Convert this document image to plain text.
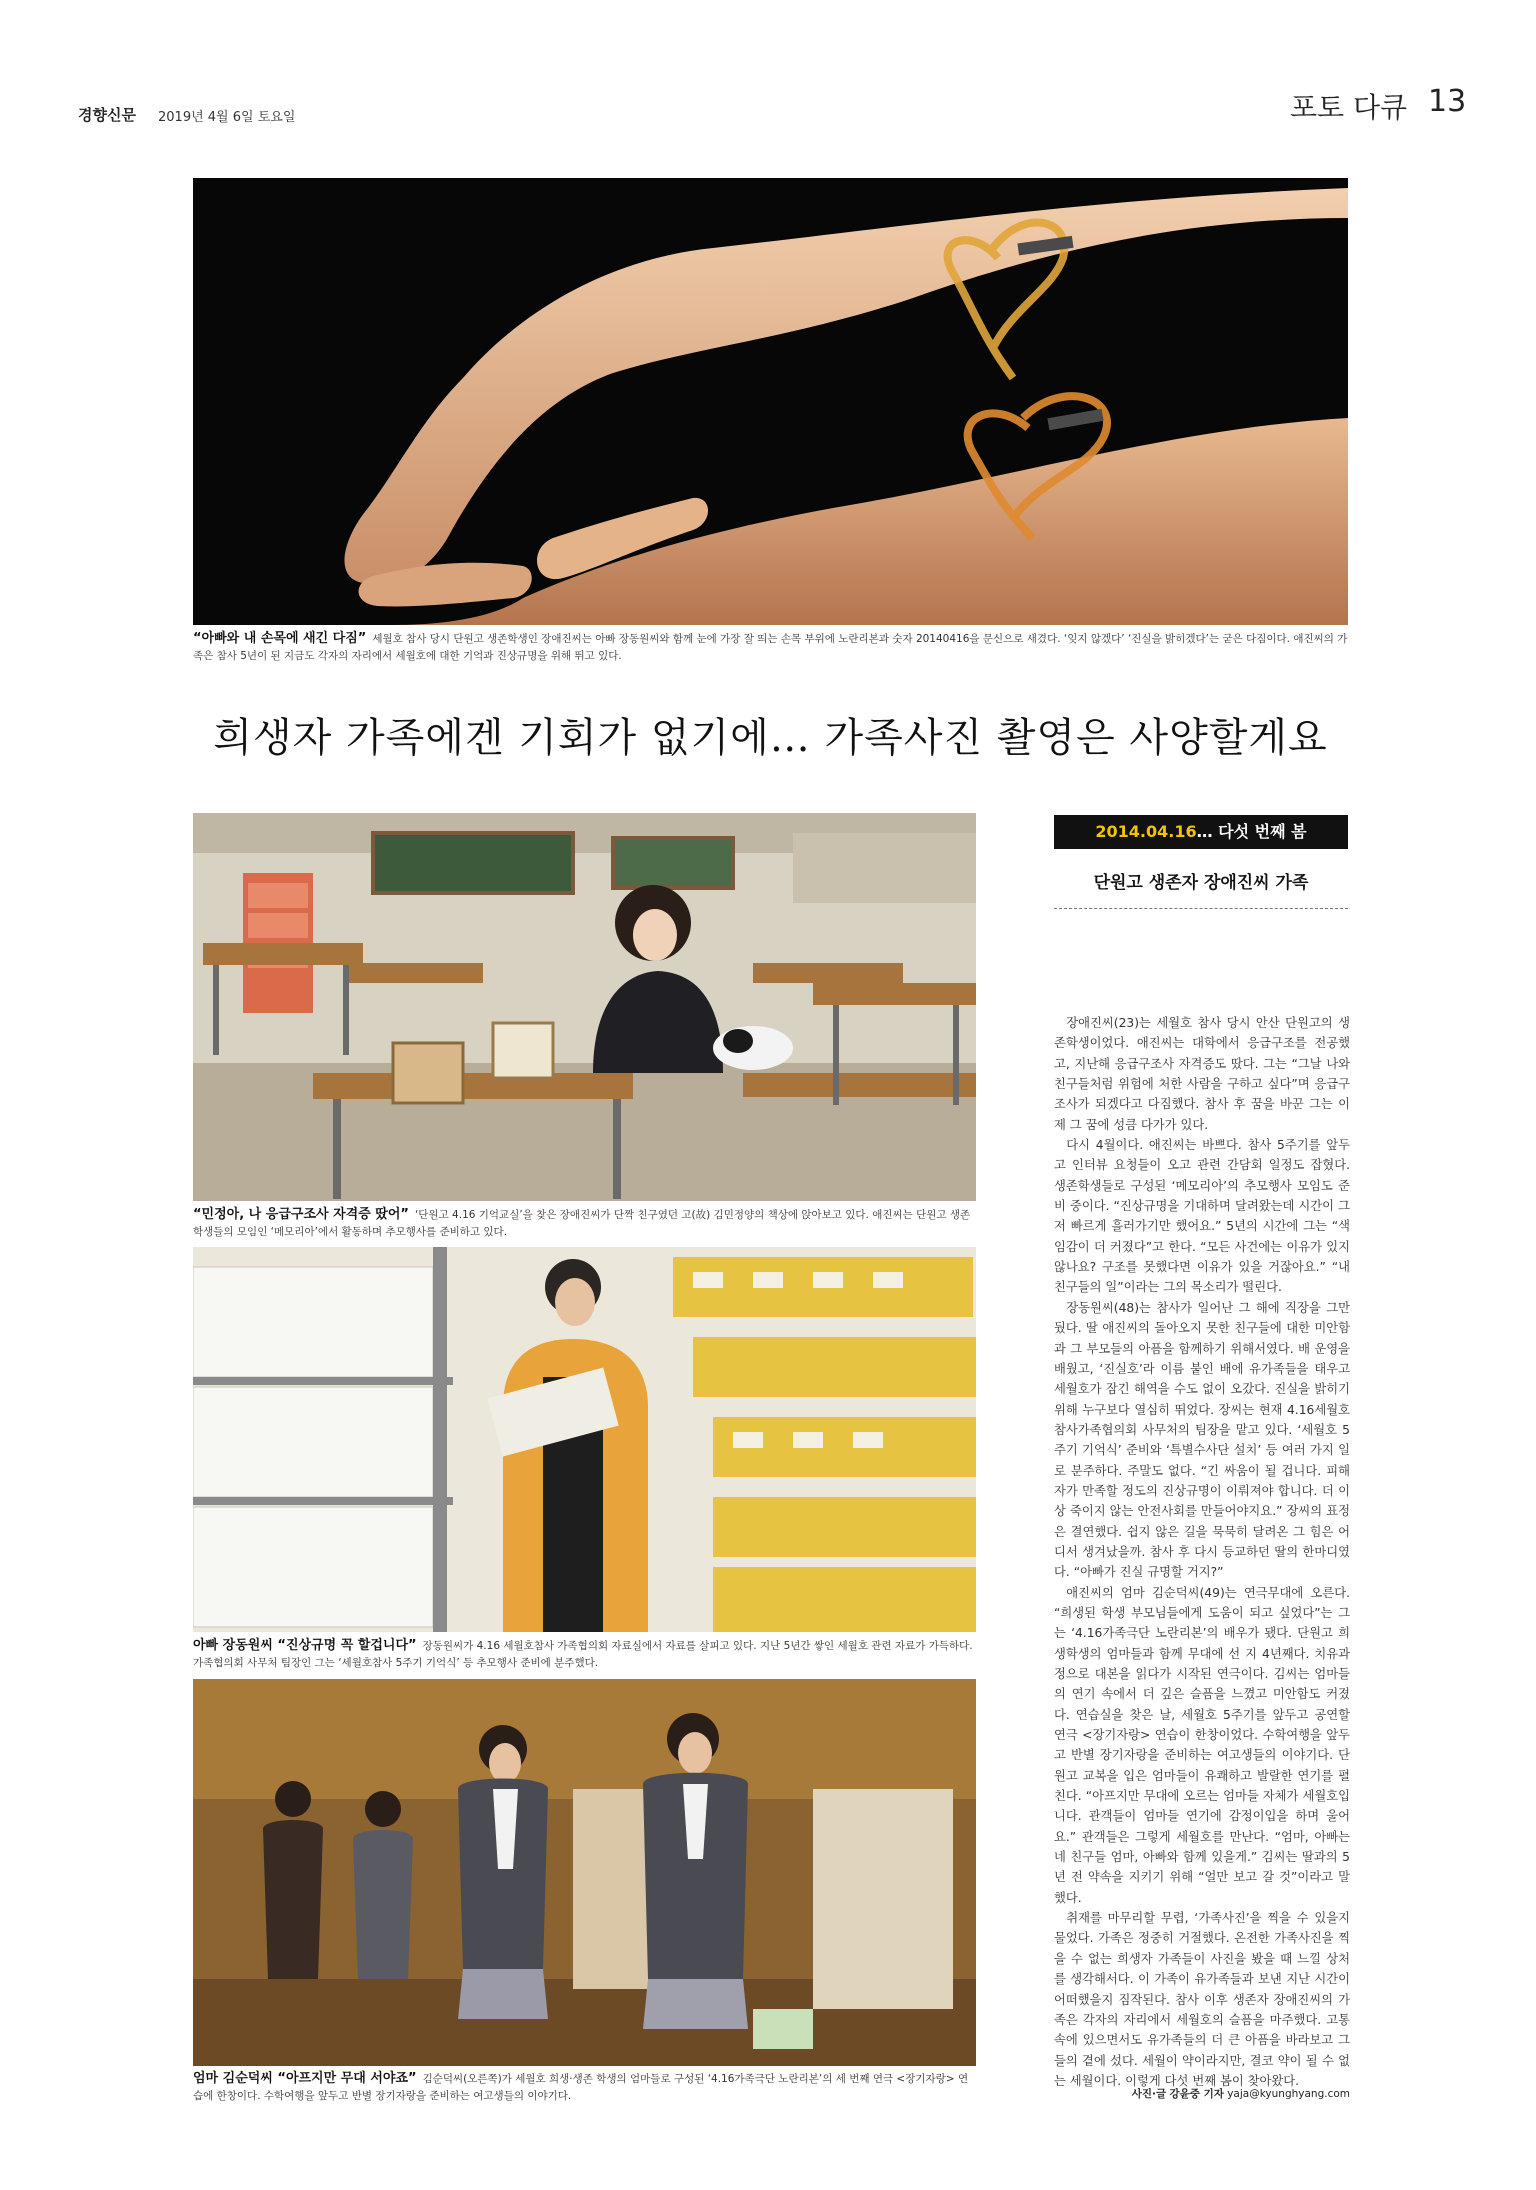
경향신문 2019년 4월 6일 토요일	포토 다큐 13
“아빠와 내 손목에 새긴 다짐” 세월호 참사 당시 단원고 생존학생인 장애진씨는 아빠 장동원씨와 함께 눈에 가장 잘 띄는 손목 부위에 노란리본과 숫자 20140416을 문신으로 새겼다. ‘잊지 않겠다’ ‘진실을 밝히겠다’는 굳은 다짐이다. 애진씨의 가족은 참사 5년이 된 지금도 각자의 자리에서 세월호에 대한 기억과 진상규명을 위해 뛰고 있다.
희생자 가족에겐 기회가 없기에… 가족사진 촬영은 사양할게요
“민정아, 나 응급구조사 자격증 땄어” ‘단원고 4.16 기억교실’을 찾은 장애진씨가 단짝 친구였던 고(故) 김민정양의 책상에 앉아보고 있다. 애진씨는 단원고 생존학생들의 모임인 ‘메모리아’에서 활동하며 추모행사를 준비하고 있다.
아빠 장동원씨 “진상규명 꼭 할겁니다” 장동원씨가 4.16 세월호참사 가족협의회 자료실에서 자료를 살피고 있다. 지난 5년간 쌓인 세월호 관련 자료가 가득하다. 가족협의회 사무처 팀장인 그는 ‘세월호참사 5주기 기억식’ 등 추모행사 준비에 분주했다.
엄마 김순덕씨 “아프지만 무대 서야죠” 김순덕씨(오른쪽)가 세월호 희생·생존 학생의 엄마들로 구성된 ‘4.16가족극단 노란리본’의 세 번째 연극 <장기자랑> 연습에 한창이다. 수학여행을 앞두고 반별 장기자랑을 준비하는 여고생들의 이야기다.
2014.04.16… 다섯 번째 봄
단원고 생존자 장애진씨 가족

장애진씨(23)는 세월호 참사 당시 안산 단원고의 생존학생이었다. 애진씨는 대학에서 응급구조를 전공했고, 지난해 응급구조사 자격증도 땄다. 그는 “그날 나와 친구들처럼 위험에 처한 사람을 구하고 싶다”며 응급구조사가 되겠다고 다짐했다. 참사 후 꿈을 바꾼 그는 이제 그 꿈에 성큼 다가가 있다.

다시 4월이다. 애진씨는 바쁘다. 참사 5주기를 앞두고 인터뷰 요청들이 오고 관련 간담회 일정도 잡혔다. 생존학생들로 구성된 ‘메모리아’의 추모행사 모임도 준비 중이다. “진상규명을 기대하며 달려왔는데 시간이 그저 빠르게 흘러가기만 했어요.” 5년의 시간에 그는 “색임감이 더 커졌다”고 한다. “모든 사건에는 이유가 있지 않나요? 구조를 못했다면 이유가 있을 거잖아요.” “내 친구들의 일”이라는 그의 목소리가 떨린다.

장동원씨(48)는 참사가 일어난 그 해에 직장을 그만뒀다. 딸 애진씨의 돌아오지 못한 친구들에 대한 미안함과 그 부모들의 아픔을 함께하기 위해서였다. 배 운영을 배웠고, ‘진실호’라 이름 붙인 배에 유가족들을 태우고 세월호가 잠긴 해역을 수도 없이 오갔다. 진실을 밝히기 위해 누구보다 열심히 뛰었다. 장씨는 현재 4.16세월호참사가족협의회 사무처의 팀장을 맡고 있다. ‘세월호 5주기 기억식’ 준비와 ‘특별수사단 설치’ 등 여러 가지 일로 분주하다. 주말도 없다. “긴 싸움이 될 겁니다. 피해자가 만족할 정도의 진상규명이 이뤄져야 합니다. 더 이상 죽이지 않는 안전사회를 만들어야지요.” 장씨의 표정은 결연했다. 쉽지 않은 길을 묵묵히 달려온 그 힘은 어디서 생겨났을까. 참사 후 다시 등교하던 딸의 한마디였다. “아빠가 진실 규명할 거지?”

애진씨의 엄마 김순덕씨(49)는 연극무대에 오른다. “희생된 학생 부모님들에게 도움이 되고 싶었다”는 그는 ‘4.16가족극단 노란리본’의 배우가 됐다. 단원고 희생학생의 엄마들과 함께 무대에 선 지 4년째다. 치유과정으로 대본을 읽다가 시작된 연극이다. 김씨는 엄마들의 연기 속에서 더 깊은 슬픔을 느꼈고 미안함도 커졌다. 연습실을 찾은 날, 세월호 5주기를 앞두고 공연할 연극 <장기자랑> 연습이 한창이었다. 수학여행을 앞두고 반별 장기자랑을 준비하는 여고생들의 이야기다. 단원고 교복을 입은 엄마들이 유쾌하고 발랄한 연기를 펼친다. “아프지만 무대에 오르는 엄마들 자체가 세월호입니다. 관객들이 엄마들 연기에 감정이입을 하며 울어요.” 관객들은 그렇게 세월호를 만난다. “엄마, 아빠는 네 친구들 엄마, 아빠와 함께 있을게.” 김씨는 딸과의 5년 전 약속을 지키기 위해 “얼만 보고 갈 것”이라고 말했다.

취재를 마무리할 무렵, ‘가족사진’을 찍을 수 있을지 물었다. 가족은 정중히 거절했다. 온전한 가족사진을 찍을 수 없는 희생자 가족들이 사진을 봤을 때 느낄 상처를 생각해서다. 이 가족이 유가족들과 보낸 지난 시간이 어떠했을지 짐작된다. 참사 이후 생존자 장애진씨의 가족은 각자의 자리에서 세월호의 슬픔을 마주했다. 고통 속에 있으면서도 유가족들의 더 큰 아픔을 바라보고 그들의 곁에 섰다. 세월이 약이라지만, 결코 약이 될 수 없는 세월이다. 이렇게 다섯 번째 봄이 찾아왔다.

사진·글 강윤중 기자 yaja@kyunghyang.com
